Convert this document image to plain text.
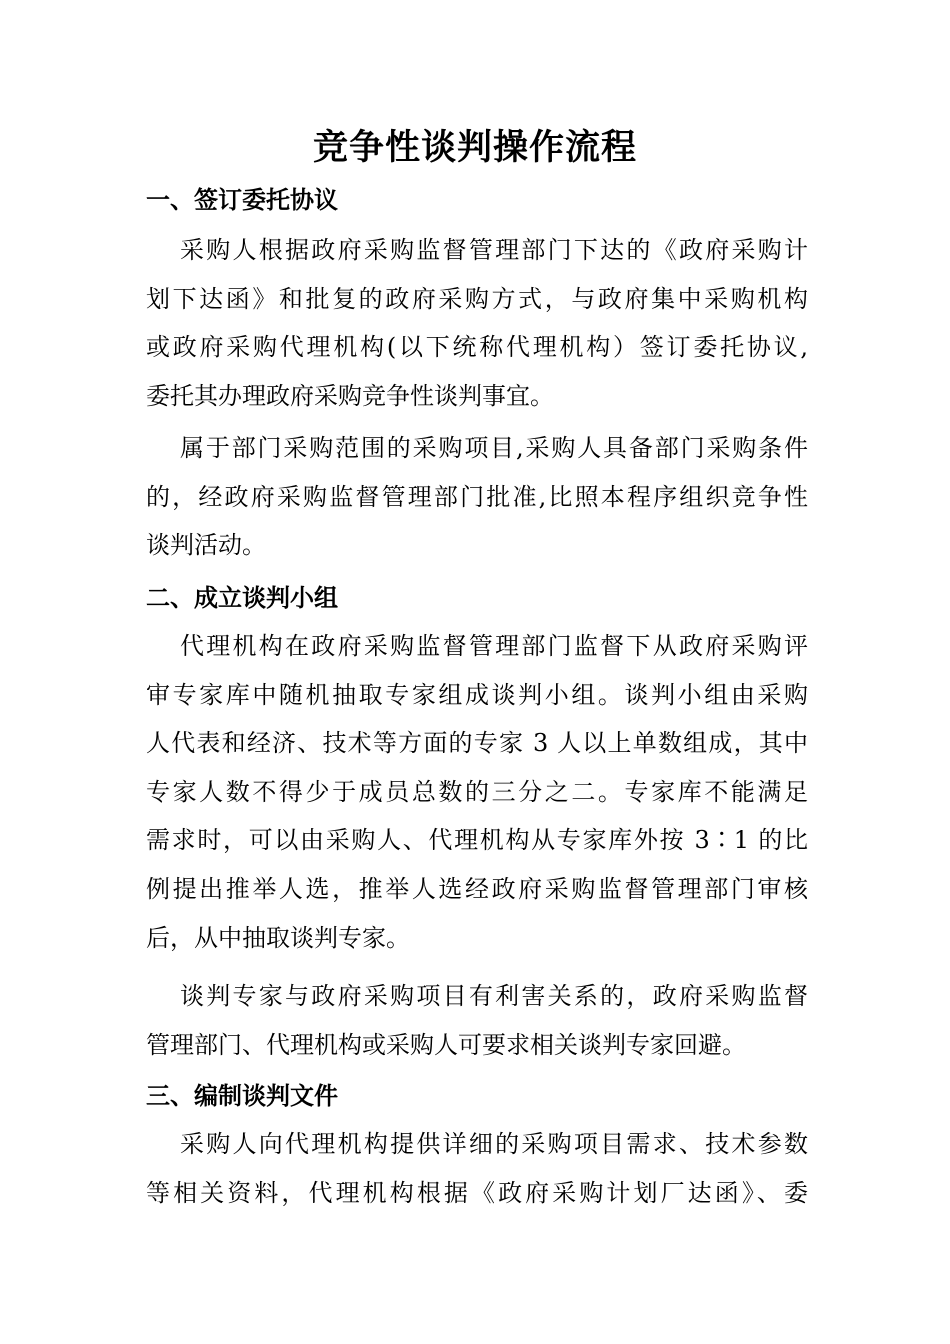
竞争性谈判操作流程
一、签订委托协议
采购人根据政府采购监督管理部门下达的《政府采购计
划下达函》和批复的政府采购方式，与政府集中采购机构
或政府采购代理机构(以下统称代理机构）签订委托协议,
委托其办理政府采购竞争性谈判事宜。
属于部门采购范围的采购项目,采购人具备部门采购条件
的，经政府采购监督管理部门批准,比照本程序组织竞争性
谈判活动。
二、成立谈判小组
代理机构在政府采购监督管理部门监督下从政府采购评
审专家库中随机抽取专家组成谈判小组。谈判小组由采购
人代表和经济、技术等方面的专家 3 人以上单数组成，其中
专家人数不得少于成员总数的三分之二。专家库不能满足
需求时，可以由采购人、代理机构从专家库外按 3∶1 的比
例提出推举人选，推举人选经政府采购监督管理部门审核
后，从中抽取谈判专家。
谈判专家与政府采购项目有利害关系的，政府采购监督
管理部门、代理机构或采购人可要求相关谈判专家回避。
三、编制谈判文件
采购人向代理机构提供详细的采购项目需求、技术参数
等相关资料，代理机构根据《政府采购计划厂达函》、委
